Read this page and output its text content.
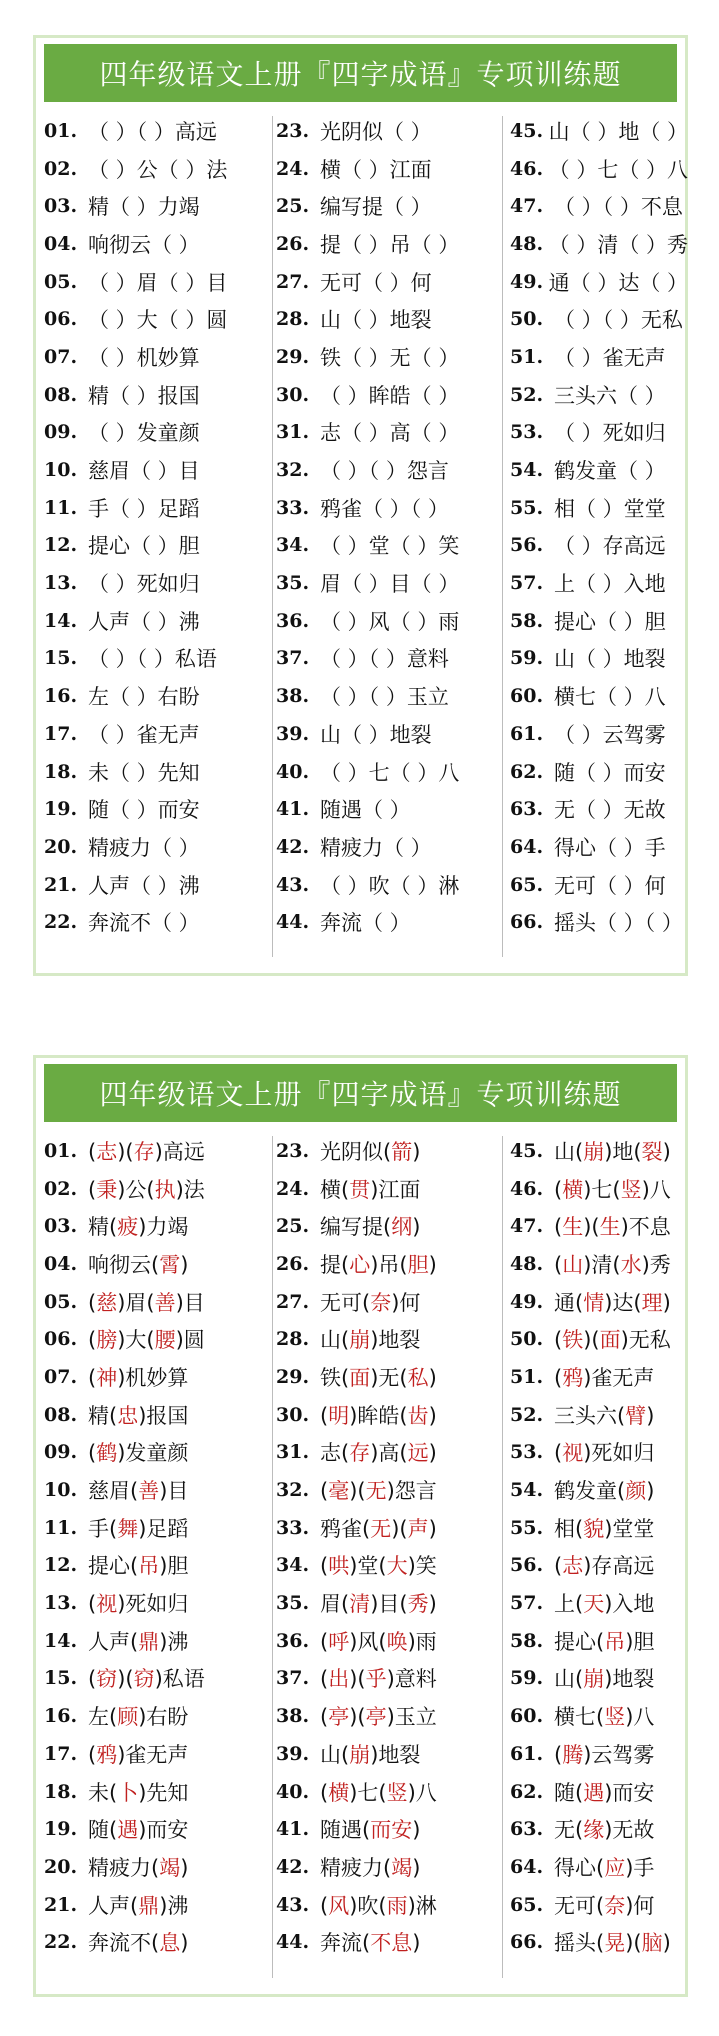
四年级语文上册『四字成语』专项训练题
01. （ ）（ ）高远
02. （ ）公（ ）法
03. 精（ ）力竭
04. 响彻云（ ）
05. （ ）眉（ ）目
06. （ ）大（ ）圆
07. （ ）机妙算
08. 精（ ）报国
09. （ ）发童颜
10. 慈眉（ ）目
11. 手（ ）足蹈
12. 提心（ ）胆
13. （ ）死如归
14. 人声（ ）沸
15. （ ）（ ）私语
16. 左（ ）右盼
17. （ ）雀无声
18. 未（ ）先知
19. 随（ ）而安
20. 精疲力（ ）
21. 人声（ ）沸
22. 奔流不（ ）
23. 光阴似（ ）
24. 横（ ）江面
25. 编写提（ ）
26. 提（ ）吊（ ）
27. 无可（ ）何
28. 山（ ）地裂
29. 铁（ ）无（ ）
30. （ ）眸皓（ ）
31. 志（ ）高（ ）
32. （ ）（ ）怨言
33. 鸦雀（ ）（ ）
34. （ ）堂（ ）笑
35. 眉（ ）目（ ）
36. （ ）风（ ）雨
37. （ ）（ ）意料
38. （ ）（ ）玉立
39. 山（ ）地裂
40. （ ）七（ ）八
41. 随遇（ ）
42. 精疲力（ ）
43. （ ）吹（ ）淋
44. 奔流（ ）
45. 山（ ）地（ ）
46. （ ）七（ ）八
47. （ ）（ ）不息
48. （ ）清（ ）秀
49. 通（ ）达（ ）
50. （ ）（ ）无私
51. （ ）雀无声
52. 三头六（ ）
53. （ ）死如归
54. 鹤发童（ ）
55. 相（ ）堂堂
56. （ ）存高远
57. 上（ ）入地
58. 提心（ ）胆
59. 山（ ）地裂
60. 横七（ ）八
61. （ ）云驾雾
62. 随（ ）而安
63. 无（ ）无故
64. 得心（ ）手
65. 无可（ ）何
66. 摇头（ ）（ ）
四年级语文上册『四字成语』专项训练题
01. (志)(存)高远
02. (秉)公(执)法
03. 精(疲)力竭
04. 响彻云(霄)
05. (慈)眉(善)目
06. (膀)大(腰)圆
07. (神)机妙算
08. 精(忠)报国
09. (鹤)发童颜
10. 慈眉(善)目
11. 手(舞)足蹈
12. 提心(吊)胆
13. (视)死如归
14. 人声(鼎)沸
15. (窃)(窃)私语
16. 左(顾)右盼
17. (鸦)雀无声
18. 未(卜)先知
19. 随(遇)而安
20. 精疲力(竭)
21. 人声(鼎)沸
22. 奔流不(息)
23. 光阴似(箭)
24. 横(贯)江面
25. 编写提(纲)
26. 提(心)吊(胆)
27. 无可(奈)何
28. 山(崩)地裂
29. 铁(面)无(私)
30. (明)眸皓(齿)
31. 志(存)高(远)
32. (毫)(无)怨言
33. 鸦雀(无)(声)
34. (哄)堂(大)笑
35. 眉(清)目(秀)
36. (呼)风(唤)雨
37. (出)(乎)意料
38. (亭)(亭)玉立
39. 山(崩)地裂
40. (横)七(竖)八
41. 随遇(而安)
42. 精疲力(竭)
43. (风)吹(雨)淋
44. 奔流(不息)
45. 山(崩)地(裂)
46. (横)七(竖)八
47. (生)(生)不息
48. (山)清(水)秀
49. 通(情)达(理)
50. (铁)(面)无私
51. (鸦)雀无声
52. 三头六(臂)
53. (视)死如归
54. 鹤发童(颜)
55. 相(貌)堂堂
56. (志)存高远
57. 上(天)入地
58. 提心(吊)胆
59. 山(崩)地裂
60. 横七(竖)八
61. (腾)云驾雾
62. 随(遇)而安
63. 无(缘)无故
64. 得心(应)手
65. 无可(奈)何
66. 摇头(晃)(脑)
